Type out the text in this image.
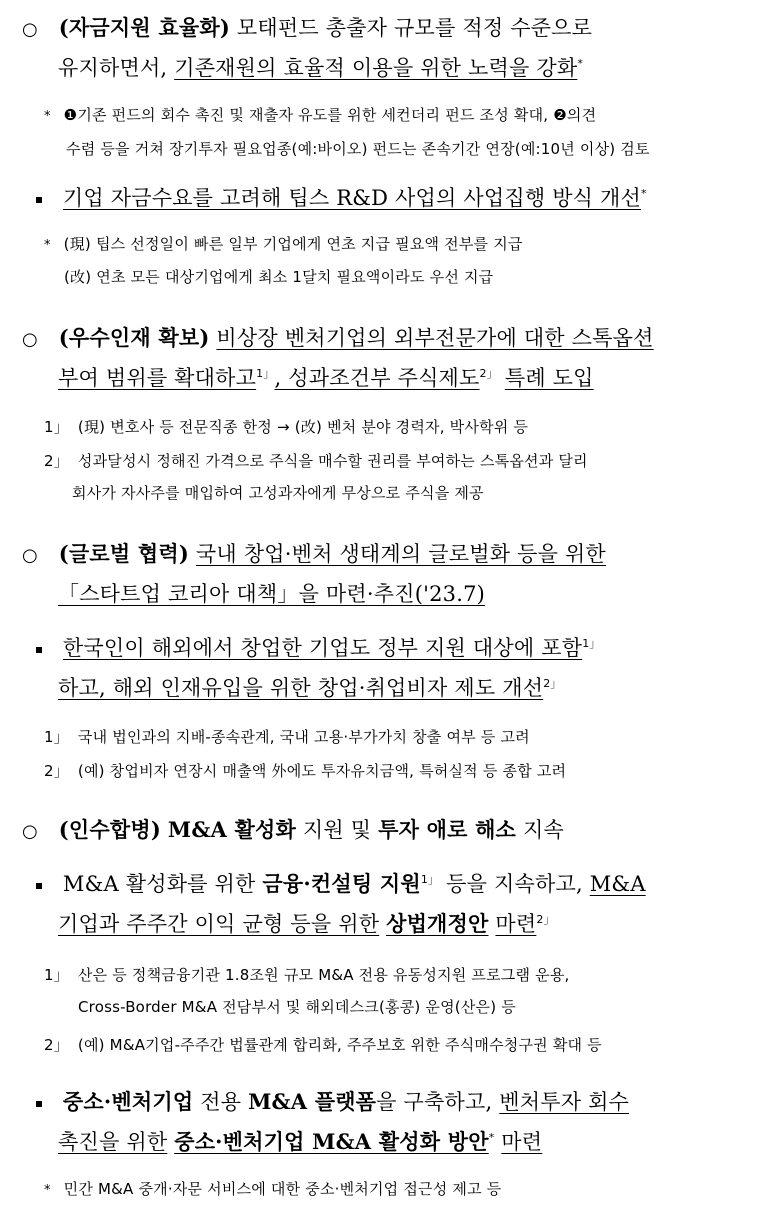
○ (자금지원 효율화) 모태펀드 총출자 규모를 적정 수준으로
유지하면서, 기존재원의 효율적 이용을 위한 노력을 강화*
* ❶기존 펀드의 회수 촉진 및 재출자 유도를 위한 세컨더리 펀드 조성 확대, ❷의견
수렴 등을 거쳐 장기투자 필요업종(예:바이오) 펀드는 존속기간 연장(예:10년 이상) 검토
기업 자금수요를 고려해 팁스 R&D 사업의 사업집행 방식 개선*
* (現) 팁스 선정일이 빠른 일부 기업에게 연초 지급 필요액 전부를 지급
(改) 연초 모든 대상기업에게 최소 1달치 필요액이라도 우선 지급
○ (우수인재 확보) 비상장 벤처기업의 외부전문가에 대한 스톡옵션
부여 범위를 확대하고$^{1」}$, 성과조건부 주식제도$^{2」}$ 특례 도입
1」 (現) 변호사 등 전문직종 한정 → (改) 벤처 분야 경력자, 박사학위 등
2」 성과달성시 정해진 가격으로 주식을 매수할 권리를 부여하는 스톡옵션과 달리
회사가 자사주를 매입하여 고성과자에게 무상으로 주식을 제공
○ (글로벌 협력) 국내 창업·벤처 생태계의 글로벌화 등을 위한
「스타트업 코리아 대책」을 마련·추진('23.7)
한국인이 해외에서 창업한 기업도 정부 지원 대상에 포함$^{1」}$
하고, 해외 인재유입을 위한 창업·취업비자 제도 개선$^{2」}$
1」 국내 법인과의 지배-종속관계, 국내 고용·부가가치 창출 여부 등 고려
2」 (예) 창업비자 연장시 매출액 外에도 투자유치금액, 특허실적 등 종합 고려
○ (인수합병) M&A 활성화 지원 및 투자 애로 해소 지속
M&A 활성화를 위한 금융·컨설팅 지원$^{1」}$ 등을 지속하고, M&A
기업과 주주간 이익 균형 등을 위한 상법개정안 마련$^{2」}$
1」 산은 등 정책금융기관 1.8조원 규모 M&A 전용 유동성지원 프로그램 운용,
Cross-Border M&A 전담부서 및 해외데스크(홍콩) 운영(산은) 등
2」 (예) M&A기업-주주간 법률관계 합리화, 주주보호 위한 주식매수청구권 확대 등
중소·벤처기업 전용 M&A 플랫폼을 구축하고, 벤처투자 회수
촉진을 위한 중소·벤처기업 M&A 활성화 방안* 마련
* 민간 M&A 중개·자문 서비스에 대한 중소·벤처기업 접근성 제고 등
